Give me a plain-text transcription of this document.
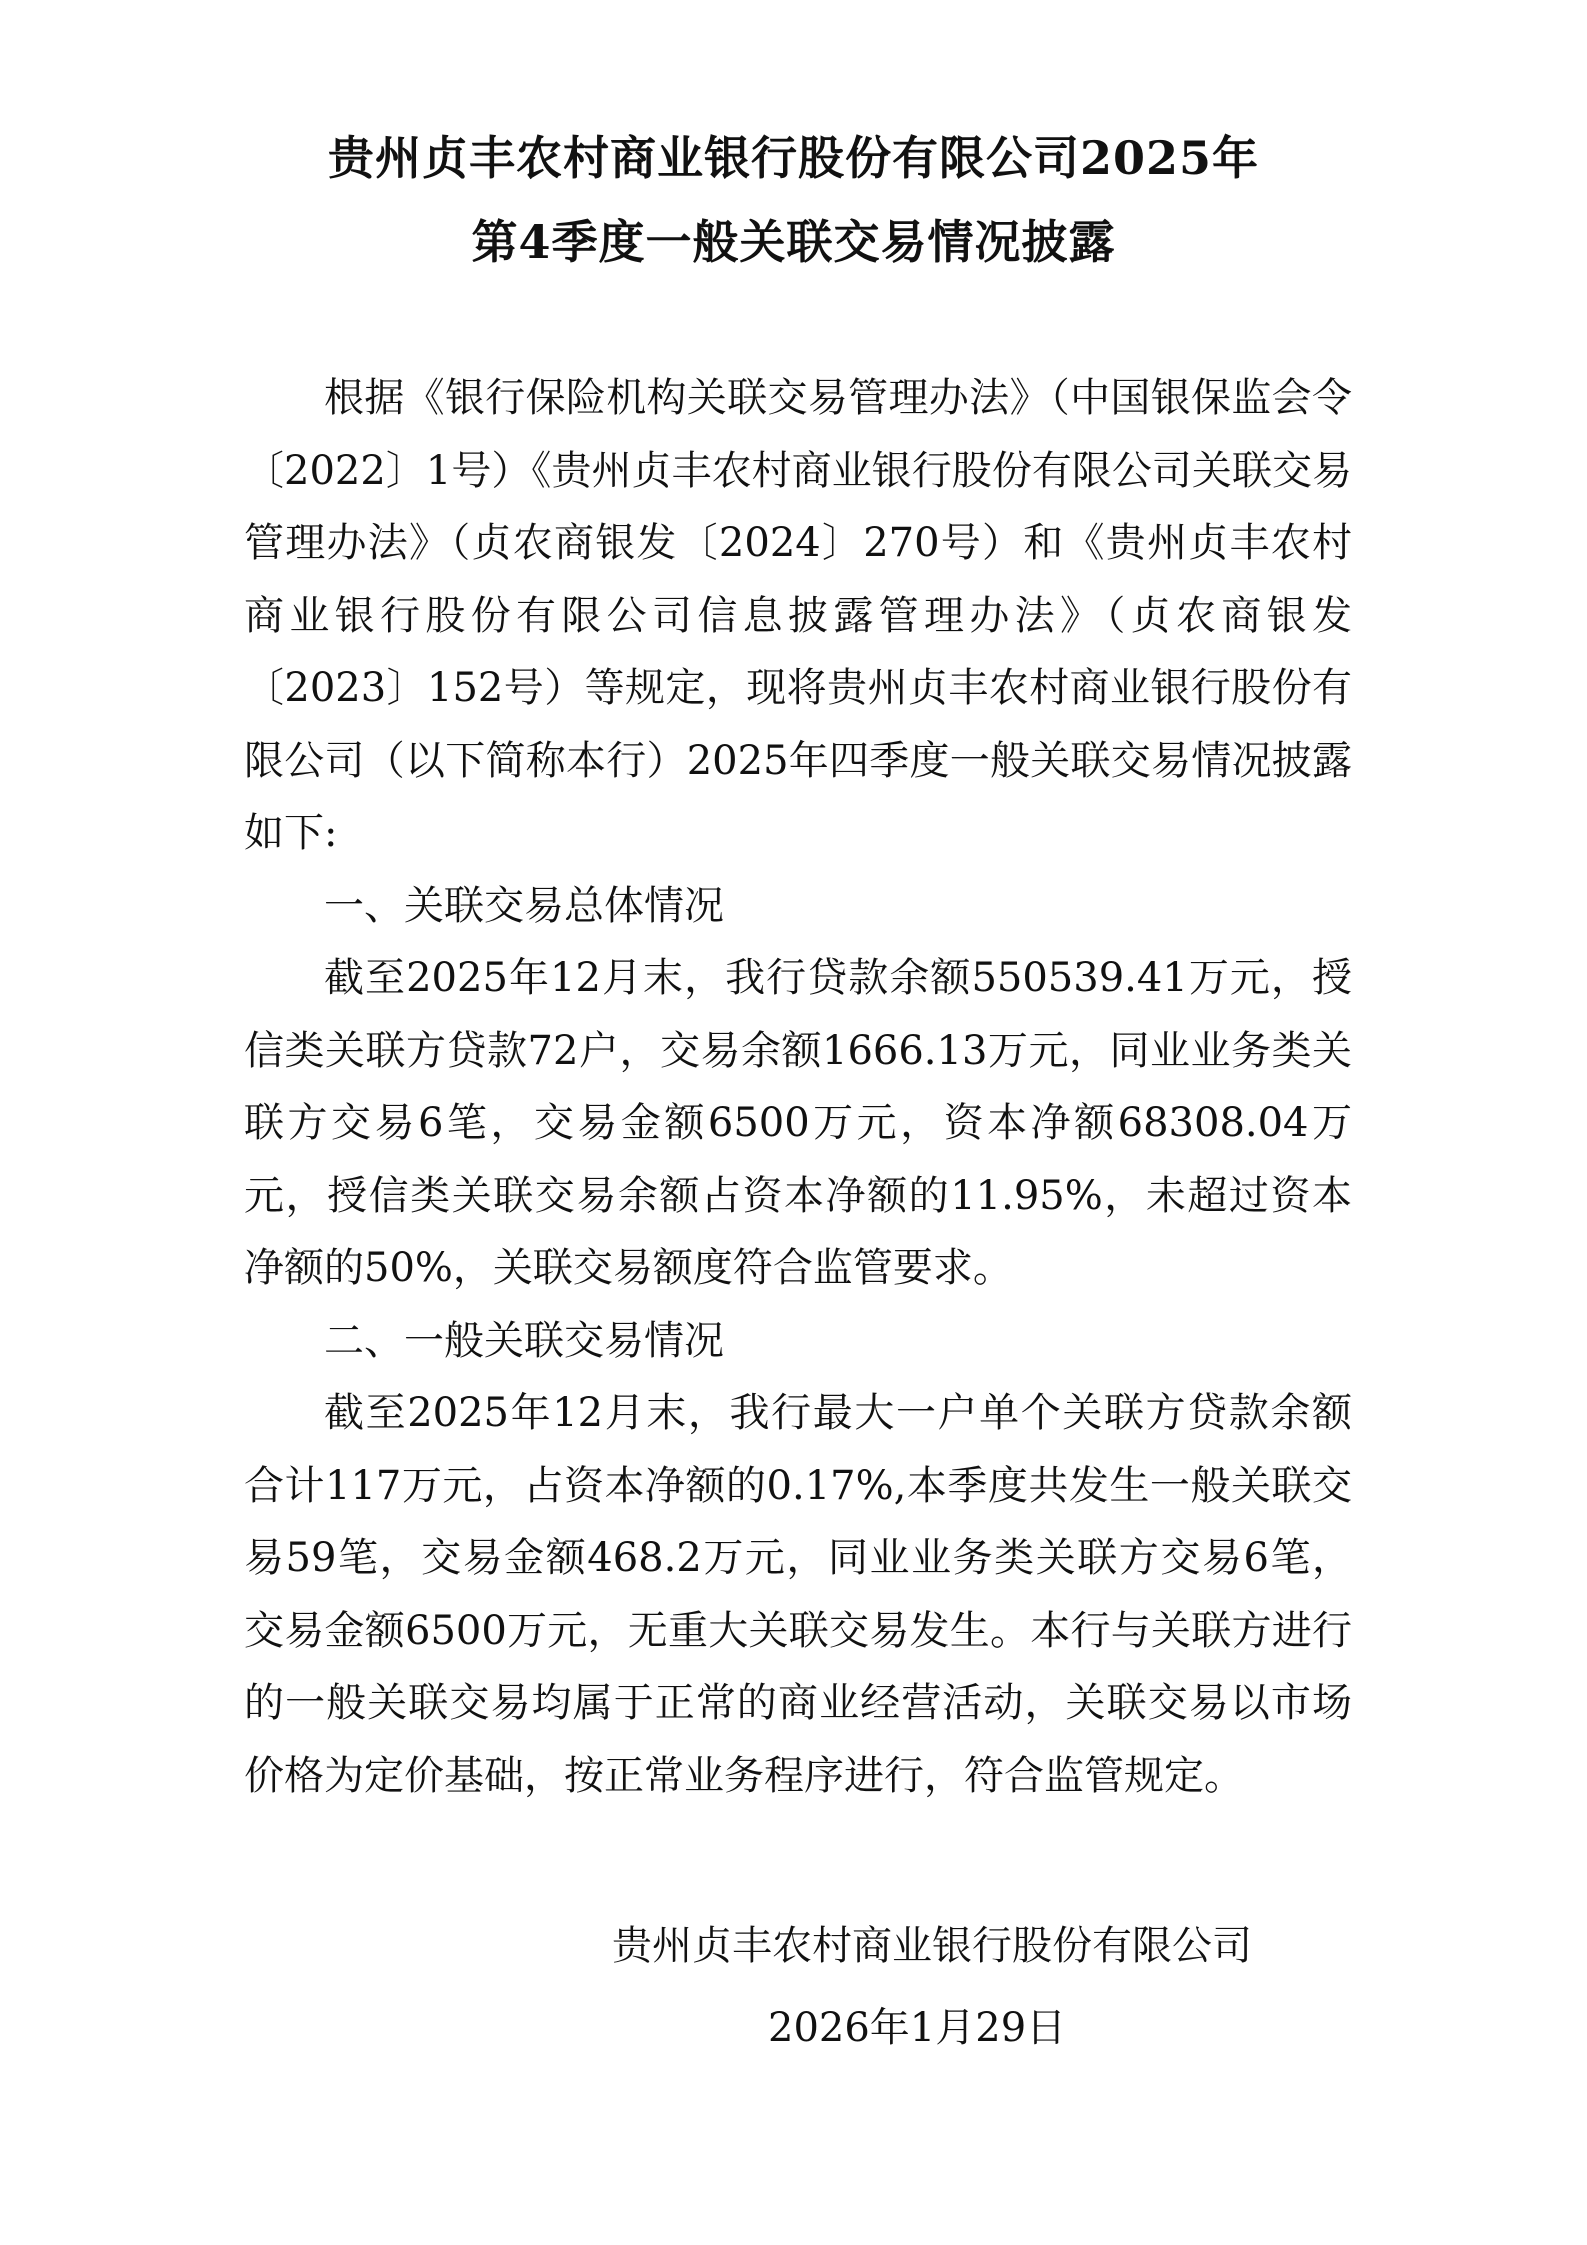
贵州贞丰农村商业银行股份有限公司2025年
第4季度一般关联交易情况披露

根据《银行保险机构关联交易管理办法》（中国银保监会令〔2022〕1号）《贵州贞丰农村商业银行股份有限公司关联交易管理办法》（贞农商银发〔2024〕270号）和《贵州贞丰农村商业银行股份有限公司信息披露管理办法》（贞农商银发〔2023〕152号）等规定，现将贵州贞丰农村商业银行股份有限公司（以下简称本行）2025年四季度一般关联交易情况披露如下:

一、关联交易总体情况

截至2025年12月末，我行贷款余额550539.41万元，授信类关联方贷款72户，交易余额1666.13万元，同业业务类关联方交易6笔，交易金额6500万元，资本净额68308.04万元，授信类关联交易余额占资本净额的11.95%，未超过资本净额的50%，关联交易额度符合监管要求。

二、一般关联交易情况

截至2025年12月末，我行最大一户单个关联方贷款余额合计117万元，占资本净额的0.17%,本季度共发生一般关联交易59笔，交易金额468.2万元，同业业务类关联方交易6笔，交易金额6500万元，无重大关联交易发生。本行与关联方进行的一般关联交易均属于正常的商业经营活动，关联交易以市场价格为定价基础，按正常业务程序进行，符合监管规定。

贵州贞丰农村商业银行股份有限公司
2026年1月29日
